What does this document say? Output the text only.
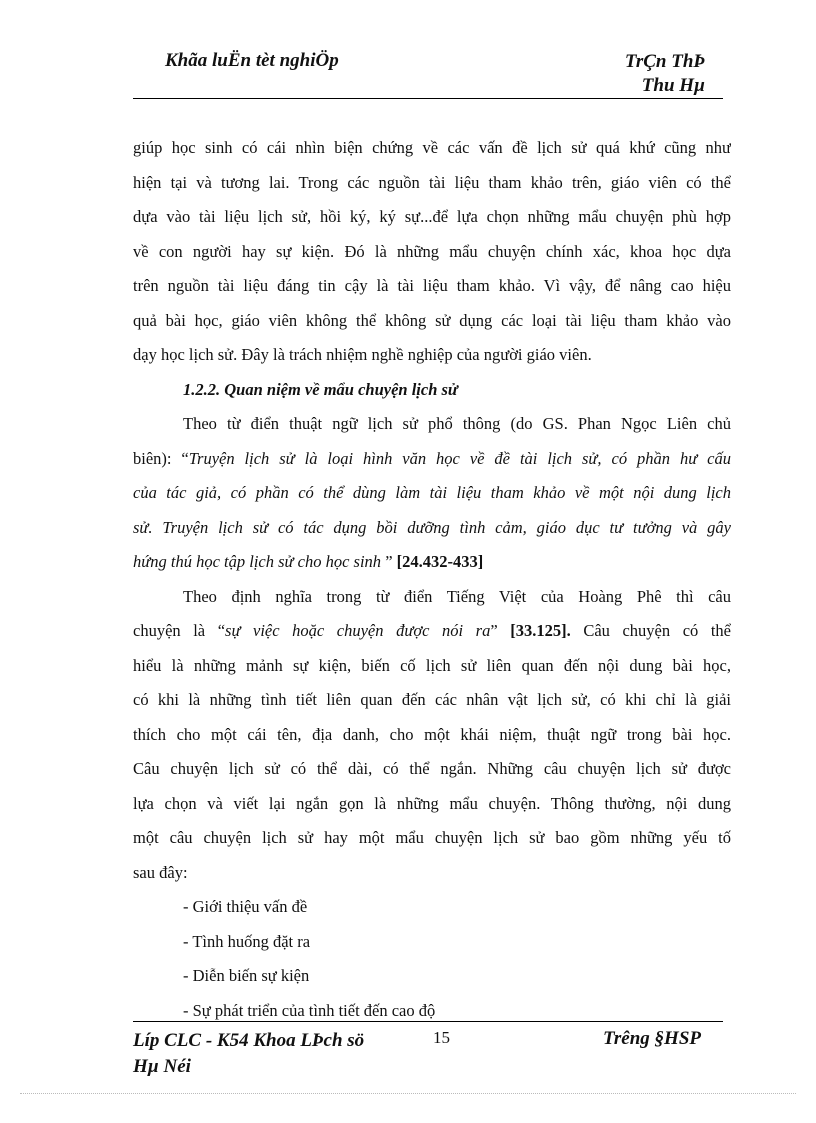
Khãa luËn tèt nghiÖp	TrÇn ThÞ
Thu Hµ
giúp học sinh có cái nhìn biện chứng về các vấn đề lịch sử quá khứ cũng như
hiện tại và tương lai. Trong các nguồn tài liệu tham khảo trên, giáo viên có thể
dựa vào tài liệu lịch sử, hồi ký, ký sự...để lựa chọn những mẩu chuyện phù hợp
về con người hay sự kiện. Đó là những mẩu chuyện chính xác, khoa học dựa
trên nguồn tài liệu đáng tin cậy là tài liệu tham khảo. Vì vậy, để nâng cao hiệu
quả bài học, giáo viên không thể không sử dụng các loại tài liệu tham khảo vào
dạy học lịch sử. Đây là trách nhiệm nghề nghiệp của người giáo viên.
1.2.2. Quan niệm về mẩu chuyện lịch sử
Theo từ điển thuật ngữ lịch sử phổ thông (do GS. Phan Ngọc Liên chủ
biên): “Truyện lịch sử là loại hình văn học về đề tài lịch sử, có phần hư cấu
của tác giả, có phần có thể dùng làm tài liệu tham khảo về một nội dung lịch
sử. Truyện lịch sử có tác dụng bồi dưỡng tình cảm, giáo dục tư tưởng và gây
hứng thú học tập lịch sử cho học sinh ” [24.432-433]
Theo định nghĩa trong từ điển Tiếng Việt của Hoàng Phê thì câu
chuyện là “sự việc hoặc chuyện được nói ra” [33.125]. Câu chuyện có thể
hiểu là những mảnh sự kiện, biến cố lịch sử liên quan đến nội dung bài học,
có khi là những tình tiết liên quan đến các nhân vật lịch sử, có khi chỉ là giải
thích cho một cái tên, địa danh, cho một khái niệm, thuật ngữ trong bài học.
Câu chuyện lịch sử có thể dài, có thể ngắn. Những câu chuyện lịch sử được
lựa chọn và viết lại ngắn gọn là những mẩu chuyện. Thông thường, nội dung
một câu chuyện lịch sử hay một mẩu chuyện lịch sử bao gồm những yếu tố
sau đây:
- Giới thiệu vấn đề
- Tình huống đặt ra
- Diễn biến sự kiện
- Sự phát triển của tình tiết đến cao độ
Líp CLC - K54 Khoa LÞch sö
Hµ Néi
15	Trêng §HSP
